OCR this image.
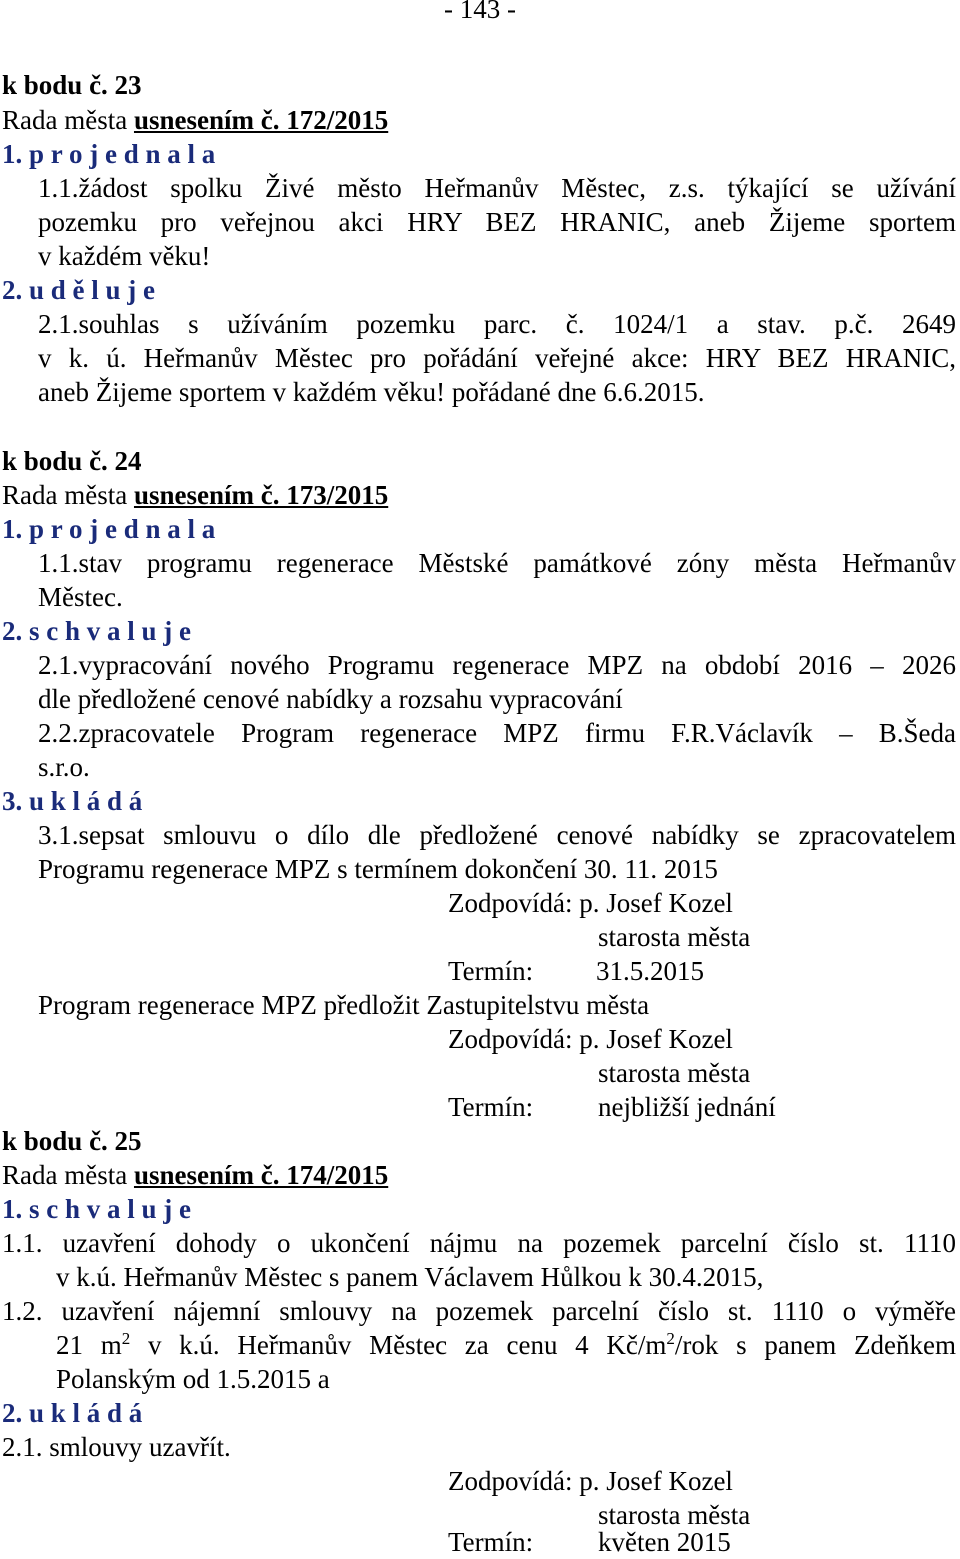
- 143 -
k bodu č. 23
Rada města usnesením č. 172/2015
1. p r o j e d n a l a
1.1.žádost spolku Živé město Heřmanův Městec, z.s. týkající se užívání
pozemku pro veřejnou akci HRY BEZ HRANIC, aneb Žijeme sportem
v každém věku!
2. u d ě l u j e
2.1.souhlas s užíváním pozemku parc. č. 1024/1 a stav. p.č. 2649
v k. ú. Heřmanův Městec pro pořádání veřejné akce: HRY BEZ HRANIC,
aneb Žijeme sportem v každém věku! pořádané dne 6.6.2015.
k bodu č. 24
Rada města usnesením č. 173/2015
1. p r o j e d n a l a
1.1.stav programu regenerace Městské památkové zóny města Heřmanův
Městec.
2. s c h v a l u j e
2.1.vypracování nového Programu regenerace MPZ na období 2016 – 2026
dle předložené cenové nabídky a rozsahu vypracování
2.2.zpracovatele Program regenerace MPZ firmu F.R.Václavík – B.Šeda
s.r.o.
3. u k l á d á
3.1.sepsat smlouvu o dílo dle předložené cenové nabídky se zpracovatelem
Programu regenerace MPZ s termínem dokončení 30. 11. 2015
Zodpovídá: p. Josef Kozel
starosta města
Termín: 31.5.2015
Program regenerace MPZ předložit Zastupitelstvu města
Zodpovídá: p. Josef Kozel
starosta města
Termín: nejbližší jednání
k bodu č. 25
Rada města usnesením č. 174/2015
1. s c h v a l u j e
1.1. uzavření dohody o ukončení nájmu na pozemek parcelní číslo st. 1110
v k.ú. Heřmanův Městec s panem Václavem Hůlkou k 30.4.2015,
1.2. uzavření nájemní smlouvy na pozemek parcelní číslo st. 1110 o výměře
21 $m^2$ v k.ú. Heřmanův Městec za cenu 4 $Kč/m^2$/rok s panem Zdeňkem
Polanským od 1.5.2015 a
2. u k l á d á
2.1. smlouvy uzavřít.
Zodpovídá: p. Josef Kozel
starosta města
Termín: květen 2015
